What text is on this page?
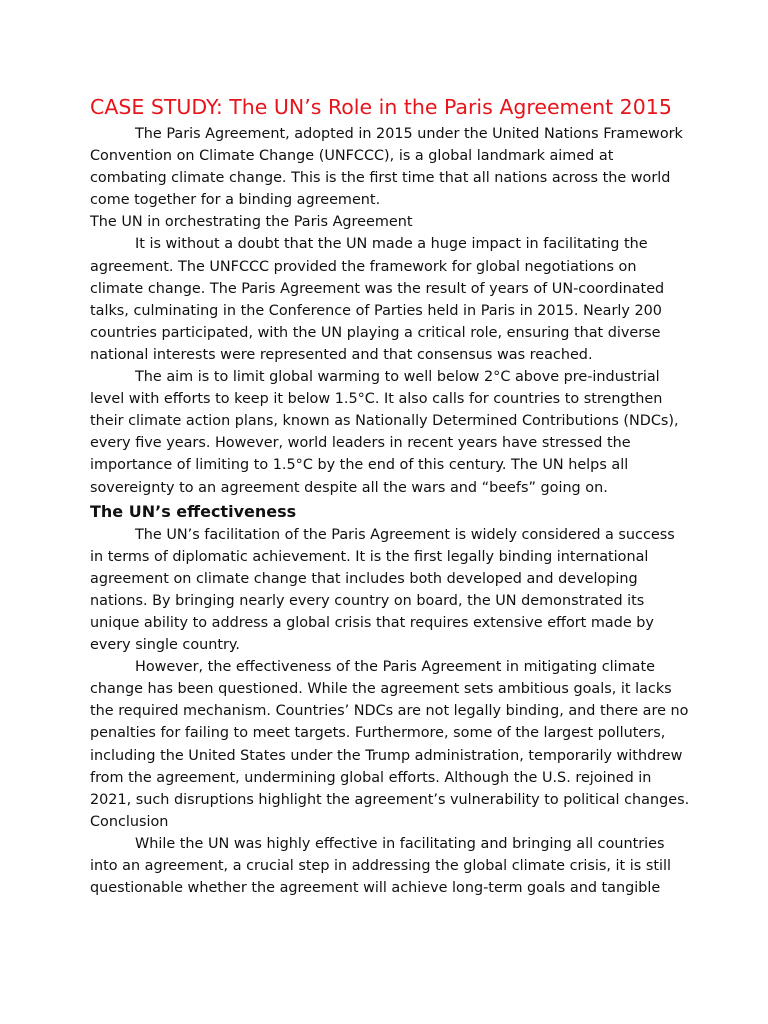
CASE STUDY: The UN’s Role in the Paris Agreement 2015

The Paris Agreement, adopted in 2015 under the United Nations Framework Convention on Climate Change (UNFCCC), is a global landmark aimed at combating climate change. This is the first time that all nations across the world come together for a binding agreement.

The UN in orchestrating the Paris Agreement

It is without a doubt that the UN made a huge impact in facilitating the agreement. The UNFCCC provided the framework for global negotiations on climate change. The Paris Agreement was the result of years of UN-coordinated talks, culminating in the Conference of Parties held in Paris in 2015. Nearly 200 countries participated, with the UN playing a critical role, ensuring that diverse national interests were represented and that consensus was reached.

The aim is to limit global warming to well below 2°C above pre-industrial level with efforts to keep it below 1.5°C. It also calls for countries to strengthen their climate action plans, known as Nationally Determined Contributions (NDCs), every five years. However, world leaders in recent years have stressed the importance of limiting to 1.5°C by the end of this century. The UN helps all sovereignty to an agreement despite all the wars and “beefs” going on.

The UN’s effectiveness

The UN’s facilitation of the Paris Agreement is widely considered a success in terms of diplomatic achievement. It is the first legally binding international agreement on climate change that includes both developed and developing nations. By bringing nearly every country on board, the UN demonstrated its unique ability to address a global crisis that requires extensive effort made by every single country.

However, the effectiveness of the Paris Agreement in mitigating climate change has been questioned. While the agreement sets ambitious goals, it lacks the required mechanism. Countries’ NDCs are not legally binding, and there are no penalties for failing to meet targets. Furthermore, some of the largest polluters, including the United States under the Trump administration, temporarily withdrew from the agreement, undermining global efforts. Although the U.S. rejoined in 2021, such disruptions highlight the agreement’s vulnerability to political changes.

Conclusion

While the UN was highly effective in facilitating and bringing all countries into an agreement, a crucial step in addressing the global climate crisis, it is still questionable whether the agreement will achieve long-term goals and tangible
